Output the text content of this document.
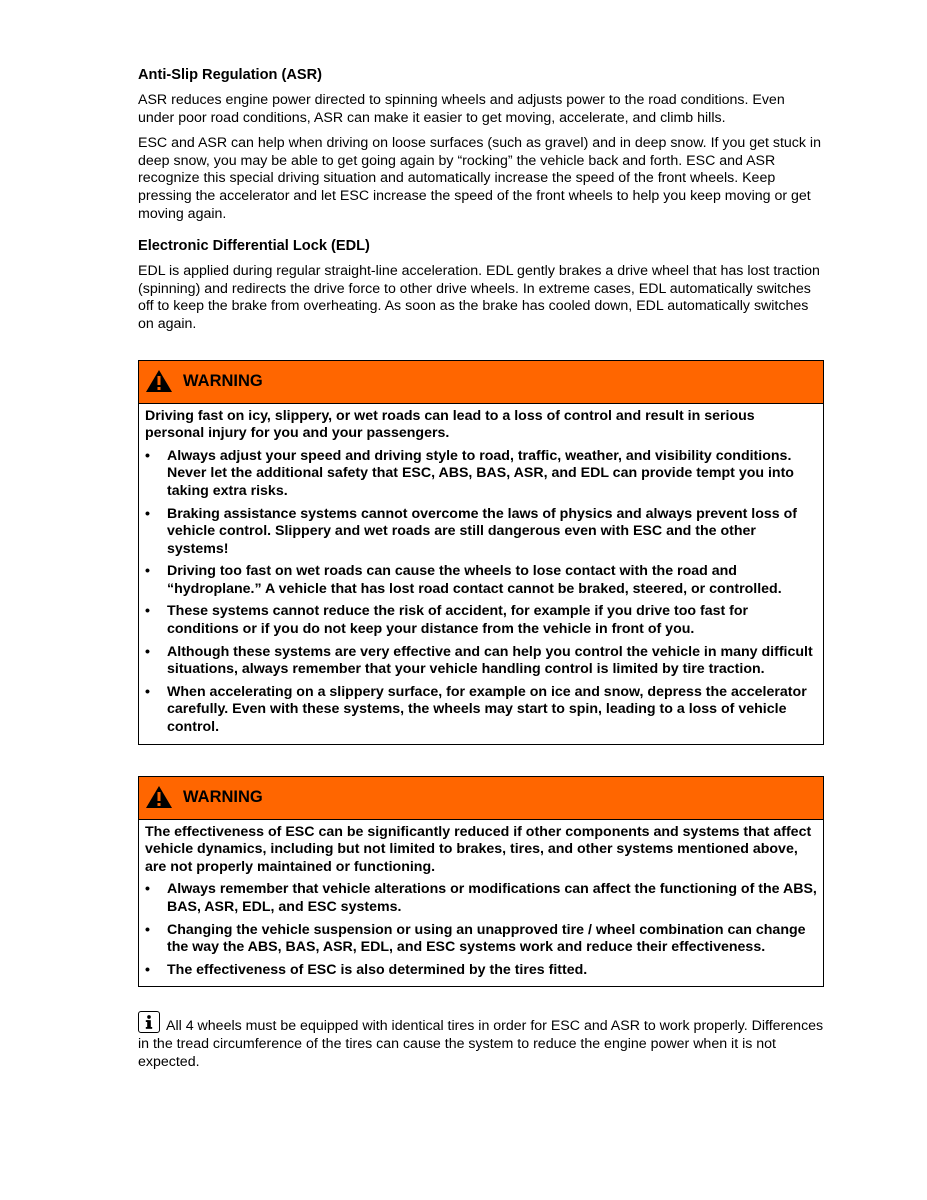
Anti-Slip Regulation (ASR)

ASR reduces engine power directed to spinning wheels and adjusts power to the road conditions. Even under poor road conditions, ASR can make it easier to get moving, accelerate, and climb hills.

ESC and ASR can help when driving on loose surfaces (such as gravel) and in deep snow. If you get stuck in deep snow, you may be able to get going again by “rocking” the vehicle back and forth. ESC and ASR recognize this special driving situation and automatically increase the speed of the front wheels. Keep pressing the accelerator and let ESC increase the speed of the front wheels to help you keep moving or get moving again.

Electronic Differential Lock (EDL)

EDL is applied during regular straight-line acceleration. EDL gently brakes a drive wheel that has lost traction (spinning) and redirects the drive force to other drive wheels. In extreme cases, EDL automatically switches off to keep the brake from overheating. As soon as the brake has cooled down, EDL automatically switches on again.

WARNING

Driving fast on icy, slippery, or wet roads can lead to a loss of control and result in serious personal injury for you and your passengers.

•	Always adjust your speed and driving style to road, traffic, weather, and visibility conditions. Never let the additional safety that ESC, ABS, BAS, ASR, and EDL can provide tempt you into taking extra risks.
•	Braking assistance systems cannot overcome the laws of physics and always prevent loss of vehicle control. Slippery and wet roads are still dangerous even with ESC and the other systems!
•	Driving too fast on wet roads can cause the wheels to lose contact with the road and “hydroplane.” A vehicle that has lost road contact cannot be braked, steered, or controlled.
•	These systems cannot reduce the risk of accident, for example if you drive too fast for conditions or if you do not keep your distance from the vehicle in front of you.
•	Although these systems are very effective and can help you control the vehicle in many difficult situations, always remember that your vehicle handling control is limited by tire traction.
•	When accelerating on a slippery surface, for example on ice and snow, depress the accelerator carefully. Even with these systems, the wheels may start to spin, leading to a loss of vehicle control.
WARNING

The effectiveness of ESC can be significantly reduced if other components and systems that affect vehicle dynamics, including but not limited to brakes, tires, and other systems mentioned above, are not properly maintained or functioning.

•	Always remember that vehicle alterations or modifications can affect the functioning of the ABS, BAS, ASR, EDL, and ESC systems.
•	Changing the vehicle suspension or using an unapproved tire / wheel combination can change the way the ABS, BAS, ASR, EDL, and ESC systems work and reduce their effectiveness.
•	The effectiveness of ESC is also determined by the tires fitted.

All 4 wheels must be equipped with identical tires in order for ESC and ASR to work properly. Differences in the tread circumference of the tires can cause the system to reduce the engine power when it is not expected.
